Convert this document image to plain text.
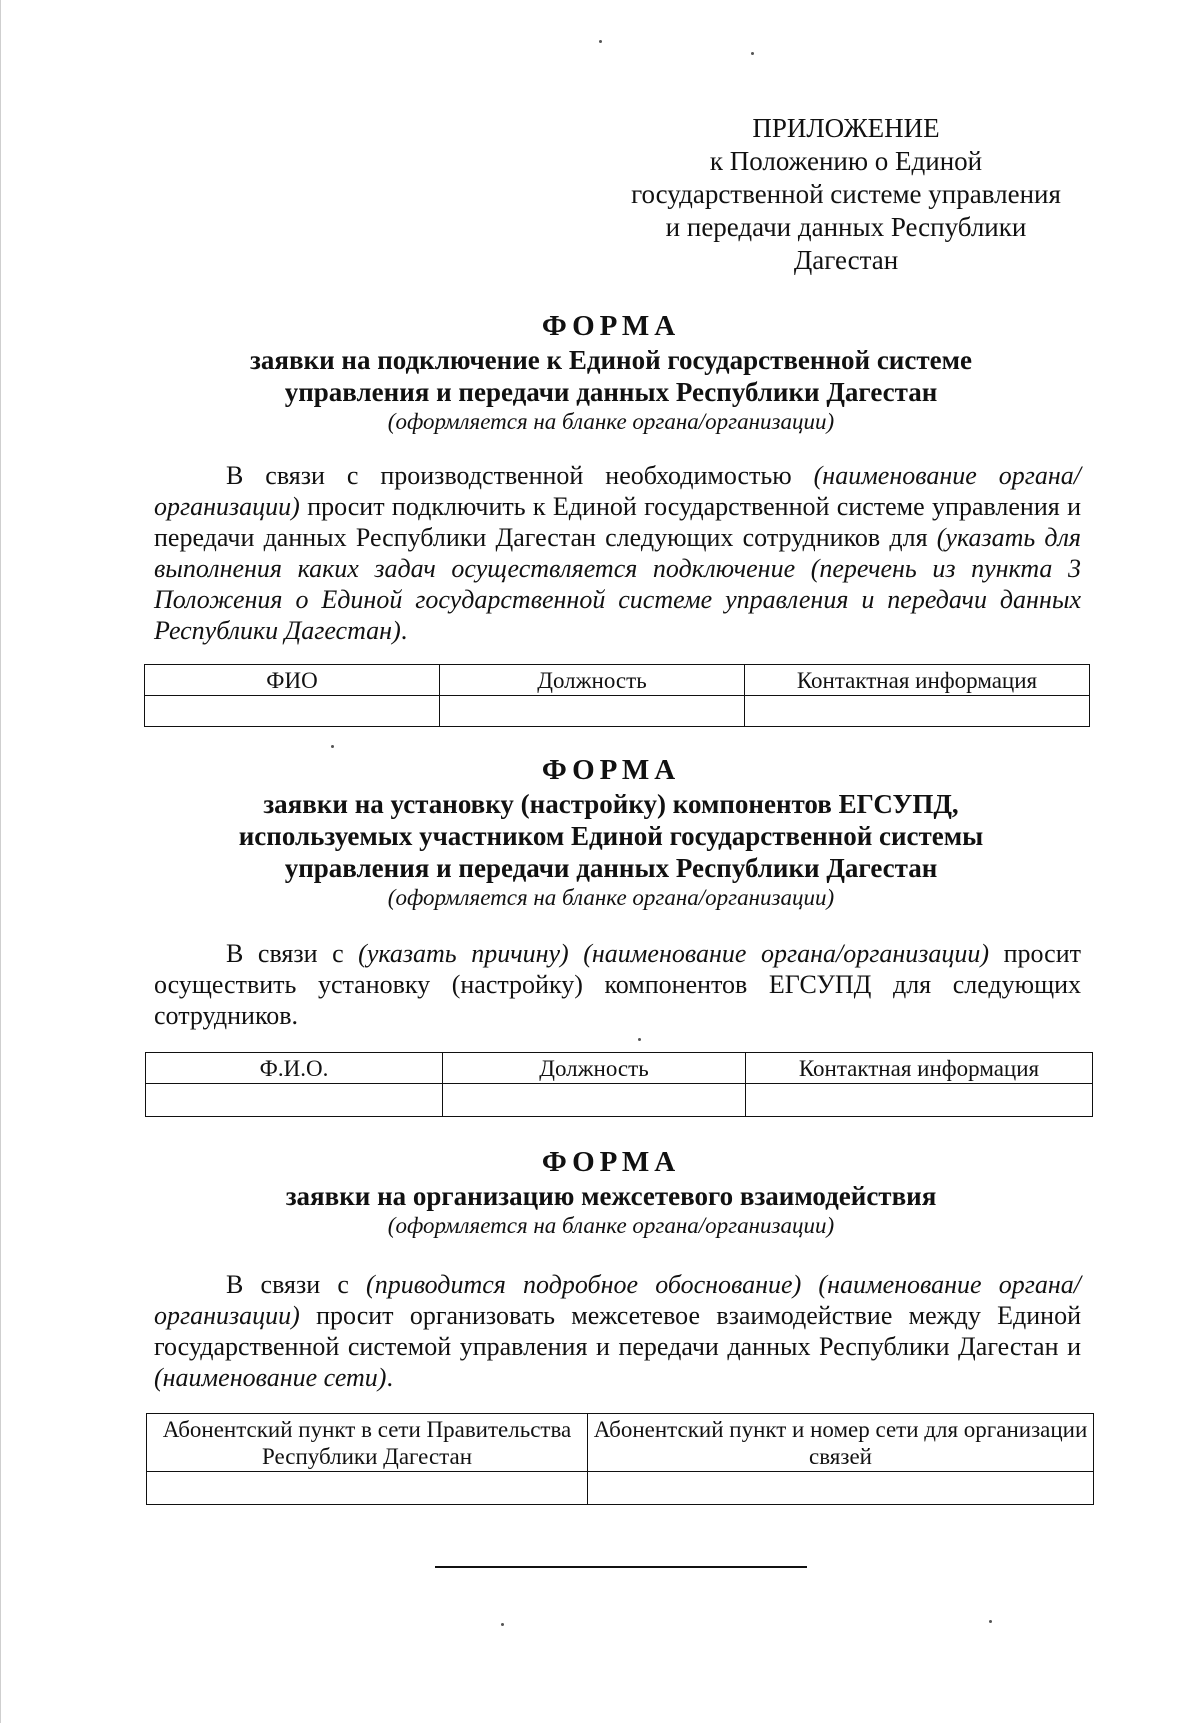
ПРИЛОЖЕНИЕ
к Положению о Единой
государственной системе управления
и передачи данных Республики
Дагестан
ФОРМА
заявки на подключение к Единой государственной системе
управления и передачи данных Республики Дагестан
(оформляется на бланке органа/организации)
В связи с производственной необходимостью (наименование органа/организации) просит подключить к Единой государственной системе управления и передачи данных Республики Дагестан следующих сотрудников для (указать для выполнения каких задач осуществляется подключение (перечень из пункта 3 Положения о Единой государственной системе управления и передачи данных Республики Дагестан).
ФИО	Должность	Контактная информация

ФОРМА
заявки на установку (настройку) компонентов ЕГСУПД,
используемых участником Единой государственной системы
управления и передачи данных Республики Дагестан
(оформляется на бланке органа/организации)
В связи с (указать причину) (наименование органа/организации) просит осуществить установку (настройку) компонентов ЕГСУПД для следующих сотрудников.
Ф.И.О.	Должность	Контактная информация

ФОРМА
заявки на организацию межсетевого взаимодействия
(оформляется на бланке органа/организации)
В связи с (приводится подробное обоснование) (наименование органа/организации) просит организовать межсетевое взаимодействие между Единой государственной системой управления и передачи данных Республики Дагестан и (наименование сети).
Абонентский пункт в сети Правительства Республики Дагестан	Абонентский пункт и номер сети для организации связей
